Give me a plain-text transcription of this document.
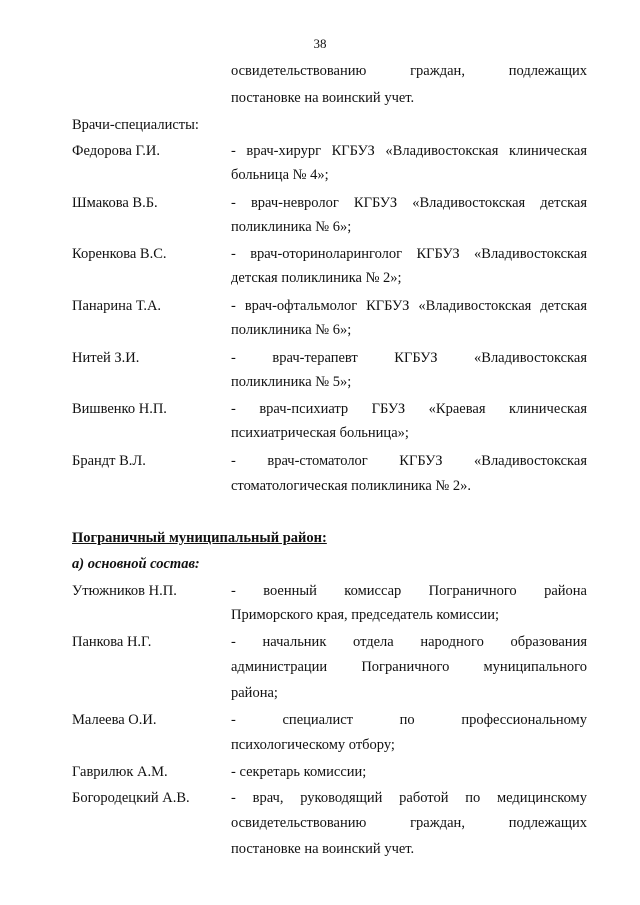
38
освидетельствованию граждан, подлежащих
постановке на воинский учет.
Врачи-специалисты:
Федорова Г.И.	- врач-хирург КГБУЗ «Владивостокская клиническая
больница № 4»;
Шмакова В.Б.	- врач-невролог КГБУЗ «Владивостокская детская
поликлиника № 6»;
Коренкова В.С.	- врач-оториноларинголог КГБУЗ «Владивостокская
детская поликлиника № 2»;
Панарина Т.А.	- врач-офтальмолог КГБУЗ «Владивостокская детская
поликлиника № 6»;
Нитей З.И.	- врач-терапевт КГБУЗ «Владивостокская
поликлиника № 5»;
Вишвенко Н.П.	- врач-психиатр ГБУЗ «Краевая клиническая
психиатрическая больница»;
Брандт В.Л.	- врач-стоматолог КГБУЗ «Владивостокская
стоматологическая поликлиника № 2».
Пограничный муниципальный район:
а) основной состав:
Утюжников Н.П.	- военный комиссар Пограничного района
Приморского края, председатель комиссии;
Панкова Н.Г.	- начальник отдела народного образования
администрации Пограничного муниципального
района;
Малеева О.И.	- специалист по профессиональному
психологическому отбору;
Гаврилюк А.М.	- секретарь комиссии;
Богородецкий А.В.	- врач, руководящий работой по медицинскому
освидетельствованию граждан, подлежащих
постановке на воинский учет.
